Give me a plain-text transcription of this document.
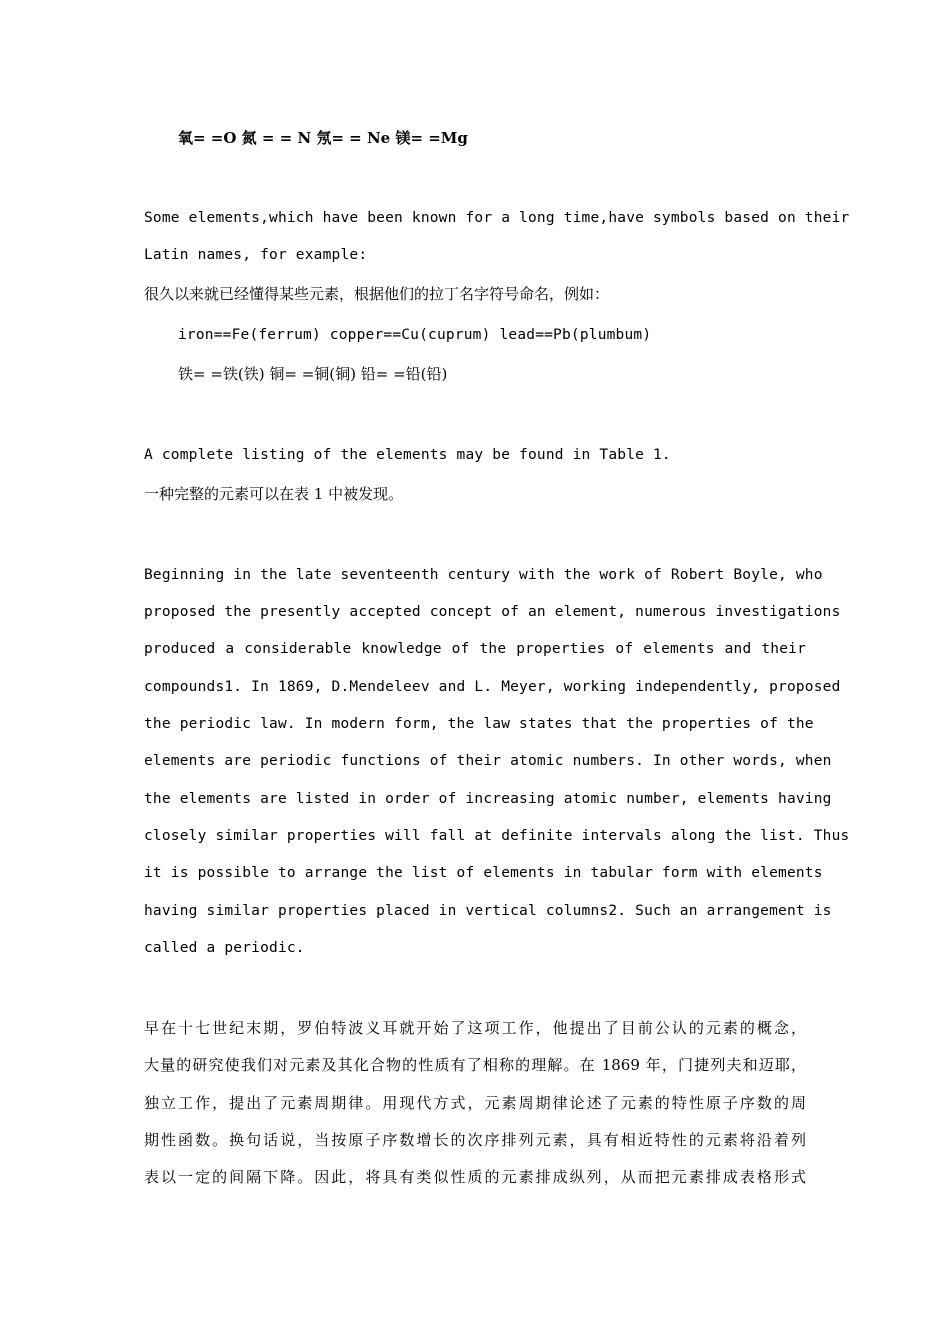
氧= =O 氮 = = N 氖= = Ne 镁= =Mg
Some elements,which have been known for a long time,have symbols based on their
Latin names, for example:
很久以来就已经懂得某些元素，根据他们的拉丁名字符号命名，例如：
iron==Fe(ferrum) copper==Cu(cuprum) lead==Pb(plumbum)
铁= =铁(铁) 铜= =铜(铜) 铅= =铅(铅)
A complete listing of the elements may be found in Table 1.
一种完整的元素可以在表 1 中被发现。
Beginning in the late seventeenth century with the work of Robert Boyle, who
proposed the presently accepted concept of an element, numerous investigations
produced a considerable knowledge of the properties of elements and their
compounds1. In 1869, D.Mendeleev and L. Meyer, working independently, proposed
the periodic law. In modern form, the law states that the properties of the
elements are periodic functions of their atomic numbers. In other words, when
the elements are listed in order of increasing atomic number, elements having
closely similar properties will fall at definite intervals along the list. Thus
it is possible to arrange the list of elements in tabular form with elements
having similar properties placed in vertical columns2. Such an arrangement is
called a periodic.
早在十七世纪末期，罗伯特波义耳就开始了这项工作，他提出了目前公认的元素的概念，
大量的研究使我们对元素及其化合物的性质有了相称的理解。在 1869 年，门捷列夫和迈耶，
独立工作，提出了元素周期律。用现代方式，元素周期律论述了元素的特性原子序数的周
期性函数。换句话说，当按原子序数增长的次序排列元素，具有相近特性的元素将沿着列
表以一定的间隔下降。因此，将具有类似性质的元素排成纵列，从而把元素排成表格形式
